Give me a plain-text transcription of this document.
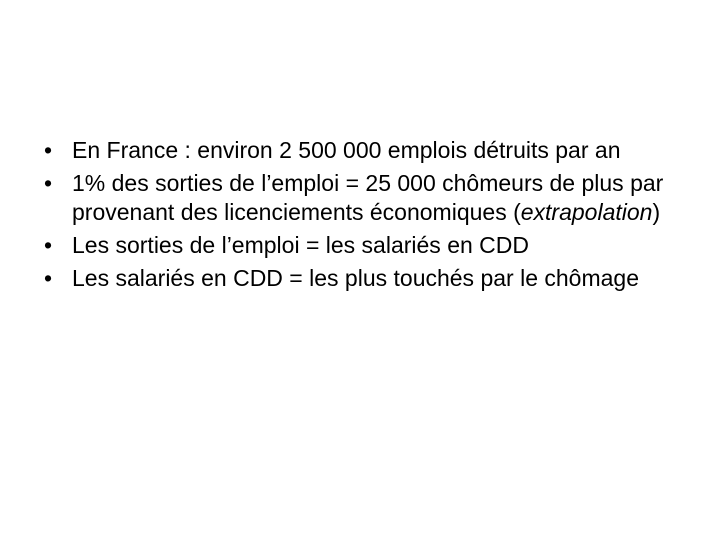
• En France : environ 2 500 000 emplois détruits par an
• 1% des sorties de l’emploi = 25 000 chômeurs de plus par provenant des licenciements économiques (extrapolation)
• Les sorties de l’emploi = les salariés en CDD
• Les salariés en CDD = les plus touchés par le chômage
